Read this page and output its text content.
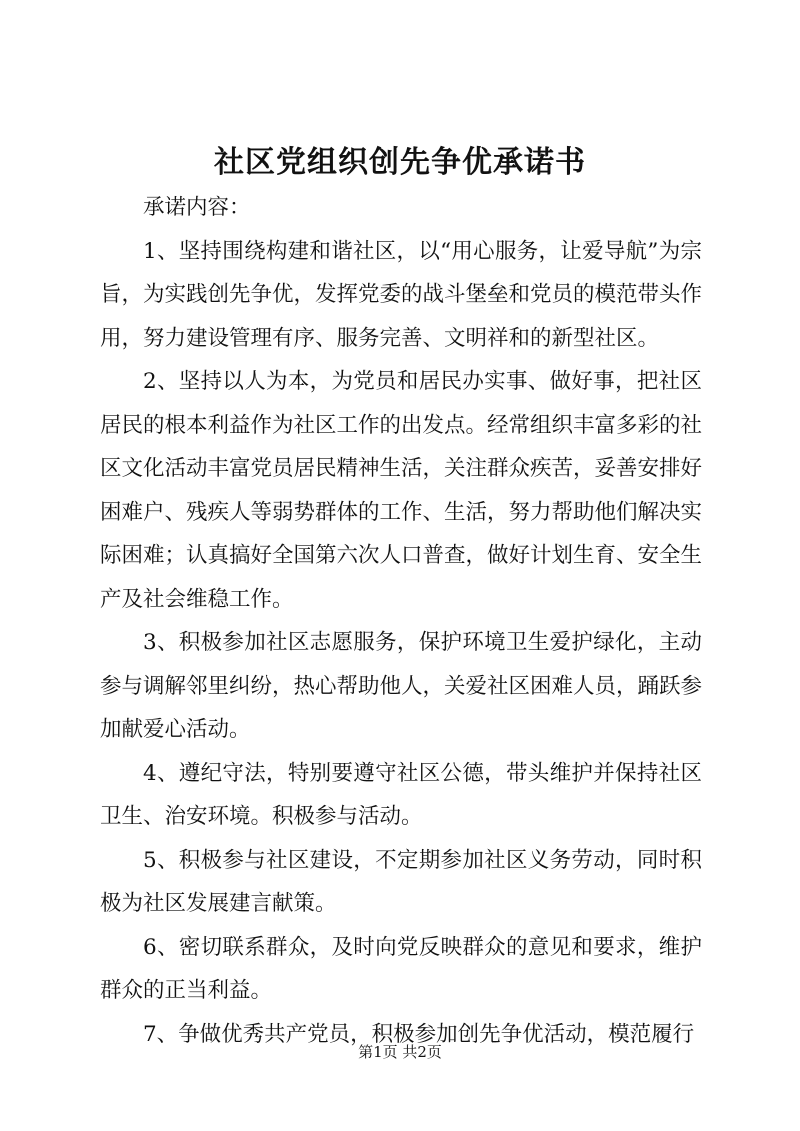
社区党组织创先争优承诺书

承诺内容：

1、坚持围绕构建和谐社区，以“用心服务，让爱导航”为宗旨，为实践创先争优，发挥党委的战斗堡垒和党员的模范带头作用，努力建设管理有序、服务完善、文明祥和的新型社区。

2、坚持以人为本，为党员和居民办实事、做好事，把社区居民的根本利益作为社区工作的出发点。经常组织丰富多彩的社区文化活动丰富党员居民精神生活，关注群众疾苦，妥善安排好困难户、残疾人等弱势群体的工作、生活，努力帮助他们解决实际困难；认真搞好全国第六次人口普查，做好计划生育、安全生产及社会维稳工作。

3、积极参加社区志愿服务，保护环境卫生爱护绿化，主动参与调解邻里纠纷，热心帮助他人，关爱社区困难人员，踊跃参加献爱心活动。

4、遵纪守法，特别要遵守社区公德，带头维护并保持社区卫生、治安环境。积极参与活动。

5、积极参与社区建设，不定期参加社区义务劳动，同时积极为社区发展建言献策。

6、密切联系群众，及时向党反映群众的意见和要求，维护群众的正当利益。

7、争做优秀共产党员，积极参加创先争优活动，模范履行

第1页 共2页
